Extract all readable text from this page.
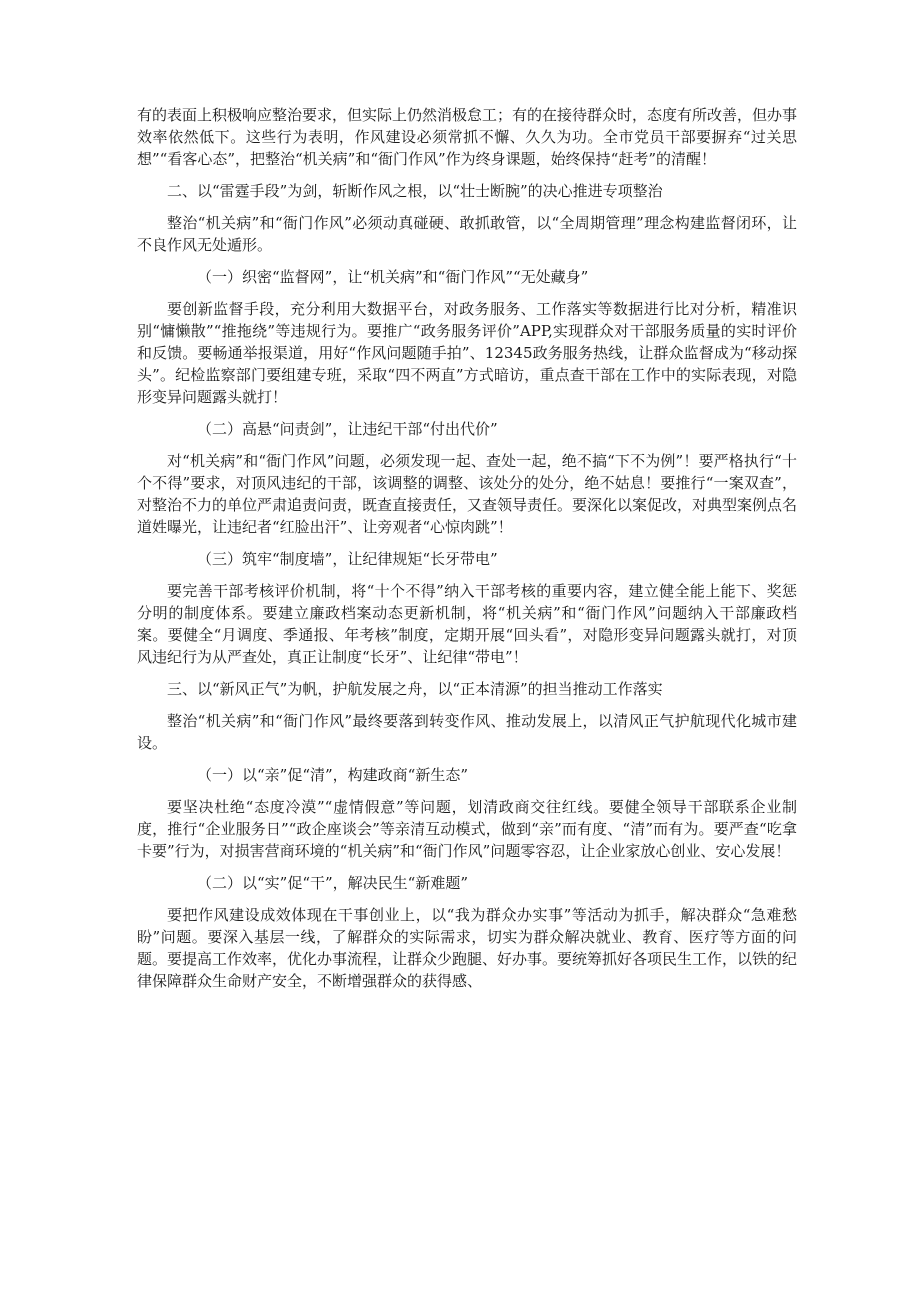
有的表面上积极响应整治要求，但实际上仍然消极怠工；有的在接待群众时，态度有所改善，但办事效率依然低下。这些行为表明，作风建设必须常抓不懈、久久为功。全市党员干部要摒弃“过关思想”“看客心态”，把整治“机关病”和“衙门作风”作为终身课题，始终保持“赶考”的清醒！

二、以“雷霆手段”为剑，斩断作风之根，以“壮士断腕”的决心推进专项整治

整治“机关病”和“衙门作风”必须动真碰硬、敢抓敢管，以“全周期管理”理念构建监督闭环，让不良作风无处遁形。

（一）织密“监督网”，让“机关病”和“衙门作风”“无处藏身”

要创新监督手段，充分利用大数据平台，对政务服务、工作落实等数据进行比对分析，精准识别“慵懒散”“推拖绕”等违规行为。要推广“政务服务评价”APP,实现群众对干部服务质量的实时评价和反馈。要畅通举报渠道，用好“作风问题随手拍”、12345政务服务热线，让群众监督成为“移动探头”。纪检监察部门要组建专班，采取“四不两直”方式暗访，重点查干部在工作中的实际表现，对隐形变异问题露头就打！

（二）高悬“问责剑”，让违纪干部“付出代价”

对“机关病”和“衙门作风”问题，必须发现一起、查处一起，绝不搞“下不为例”！要严格执行“十个不得”要求，对顶风违纪的干部，该调整的调整、该处分的处分，绝不姑息！要推行“一案双查”，对整治不力的单位严肃追责问责，既查直接责任，又查领导责任。要深化以案促改，对典型案例点名道姓曝光，让违纪者“红脸出汗”、让旁观者“心惊肉跳”！

（三）筑牢“制度墙”，让纪律规矩“长牙带电”

要完善干部考核评价机制，将“十个不得”纳入干部考核的重要内容，建立健全能上能下、奖惩分明的制度体系。要建立廉政档案动态更新机制，将“机关病”和“衙门作风”问题纳入干部廉政档案。要健全“月调度、季通报、年考核”制度，定期开展“回头看”，对隐形变异问题露头就打，对顶风违纪行为从严查处，真正让制度“长牙”、让纪律“带电”！

三、以“新风正气”为帆，护航发展之舟，以“正本清源”的担当推动工作落实

整治“机关病”和“衙门作风”最终要落到转变作风、推动发展上，以清风正气护航现代化城市建设。

（一）以“亲”促“清”，构建政商“新生态”

要坚决杜绝“态度冷漠”“虚情假意”等问题，划清政商交往红线。要健全领导干部联系企业制度，推行“企业服务日”“政企座谈会”等亲清互动模式，做到“亲”而有度、“清”而有为。要严查“吃拿卡要”行为，对损害营商环境的“机关病”和“衙门作风”问题零容忍，让企业家放心创业、安心发展！

（二）以“实”促“干”，解决民生“新难题”

要把作风建设成效体现在干事创业上，以“我为群众办实事”等活动为抓手，解决群众“急难愁盼”问题。要深入基层一线，了解群众的实际需求，切实为群众解决就业、教育、医疗等方面的问题。要提高工作效率，优化办事流程，让群众少跑腿、好办事。要统筹抓好各项民生工作，以铁的纪律保障群众生命财产安全，不断增强群众的获得感、
